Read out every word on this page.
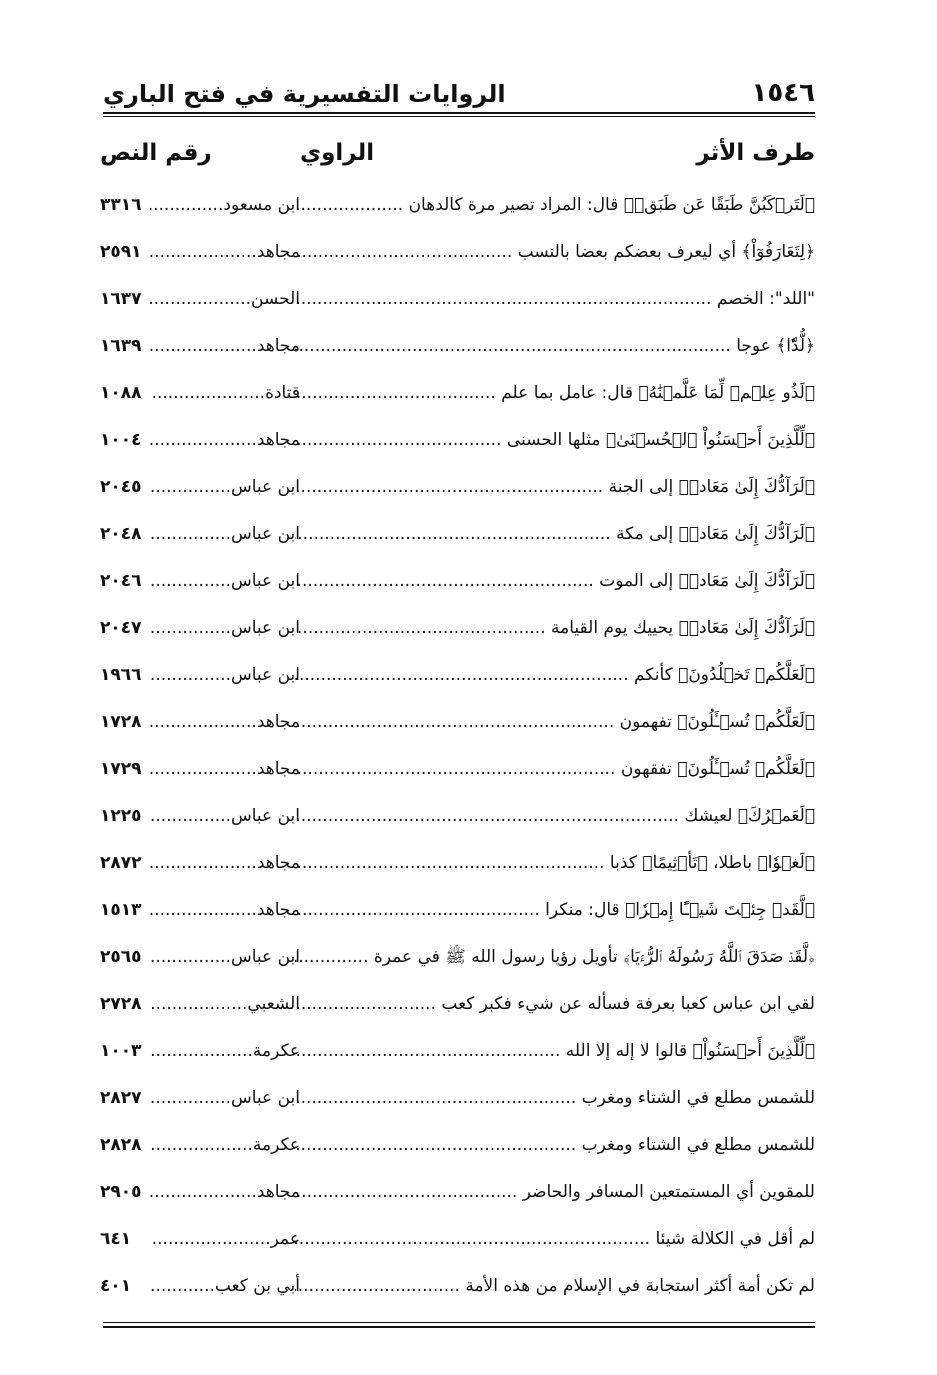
١٥٤٦
الروايات التفسيرية في فتح الباري
طرف الأثر
الراوي
رقم النص
﴿لَتَرۡكَبُنَّ طَبَقًا عَن طَبَقٖ﴾ قال: المراد تصير مرة كالدهان .....
ابن مسعود .....
٣٣١٦
﴿لِتَعَارَفُوٓاْ﴾ أي ليعرف بعضكم بعضا بالنسب .....
مجاهد .....
٢٥٩١
"اللد": الخصم .....
الحسن .....
١٦٣٧
﴿لُّدّٗا﴾ عوجا .....
مجاهد .....
١٦٣٩
﴿لَذُو عِلۡمٖ لِّمَا عَلَّمۡنَٰهُ﴾ قال: عامل بما علم .....
قتادة .....
١٠٨٨
﴿لِّلَّذِينَ أَحۡسَنُواْ ٱلۡحُسۡنَىٰ﴾ مثلها الحسنى .....
مجاهد .....
١٠٠٤
﴿لَرَآدُّكَ إِلَىٰ مَعَادٖ﴾ إلى الجنة .....
ابن عباس .....
٢٠٤٥
﴿لَرَآدُّكَ إِلَىٰ مَعَادٖ﴾ إلى مكة .....
ابن عباس .....
٢٠٤٨
﴿لَرَآدُّكَ إِلَىٰ مَعَادٖ﴾ إلى الموت .....
ابن عباس .....
٢٠٤٦
﴿لَرَآدُّكَ إِلَىٰ مَعَادٖ﴾ يحييك يوم القيامة .....
ابن عباس .....
٢٠٤٧
﴿لَعَلَّكُمۡ تَخۡلُدُونَ﴾ كأنكم .....
ابن عباس .....
١٩٦٦
﴿لَعَلَّكُمۡ تُسۡـَٔلُونَ﴾ تفهمون .....
مجاهد .....
١٧٢٨
﴿لَعَلَّكُمۡ تُسۡـَٔلُونَ﴾ تفقهون .....
مجاهد .....
١٧٢٩
﴿لَعَمۡرُكَ﴾ لعيشك .....
ابن عباس .....
١٢٢٥
﴿لَغۡوٗا﴾ باطلا، ﴿تَأۡثِيمًا﴾ كذبا .....
مجاهد .....
٢٨٧٢
﴿لَّقَدۡ جِئۡتَ شَيۡـًٔا إِمۡرٗا﴾ قال: منكرا .....
مجاهد .....
١٥١٣
﴿لَّقَدۡ صَدَقَ ٱللَّهُ رَسُولَهُ ٱلرُّءۡيَا﴾ تأويل رؤيا رسول الله ﷺ في عمرة .....
ابن عباس .....
٢٥٦٥
لقي ابن عباس كعبا بعرفة فسأله عن شيء فكبر كعب .....
الشعبي .....
٢٧٢٨
﴿لِّلَّذِينَ أَحۡسَنُواْ﴾ قالوا لا إله إلا الله .....
عكرمة .....
١٠٠٣
للشمس مطلع في الشتاء ومغرب .....
ابن عباس .....
٢٨٢٧
للشمس مطلع في الشتاء ومغرب .....
عكرمة .....
٢٨٢٨
للمقوين أي المستمتعين المسافر والحاضر .....
مجاهد .....
٢٩٠٥
لم أقل في الكلالة شيئا .....
عمر .....
٦٤١
لم تكن أمة أكثر استجابة في الإسلام من هذه الأمة .....
أبي بن كعب .....
٤٠١
